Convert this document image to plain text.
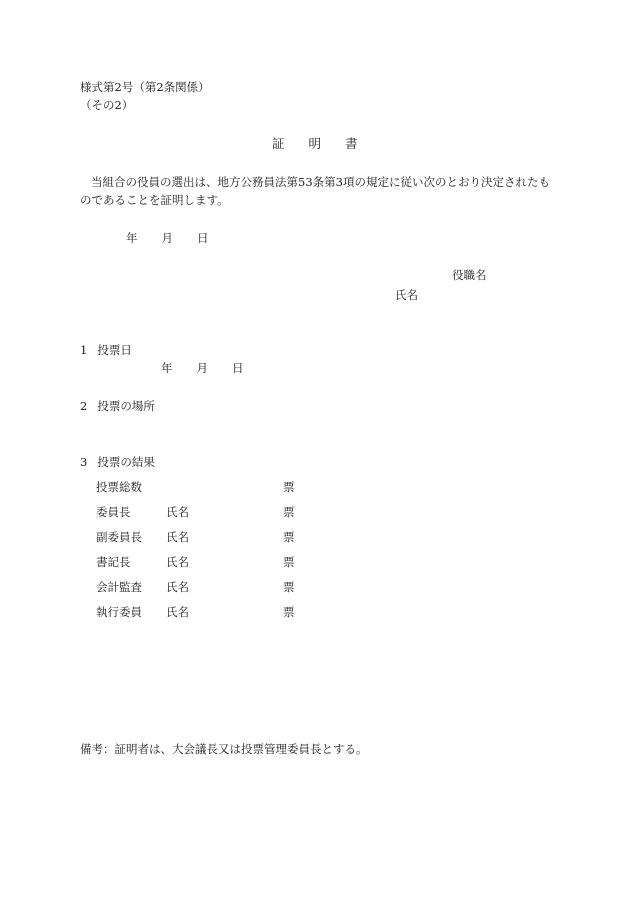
様式第2号（第2条関係）
（その2）
証 明 書
当組合の役員の選出は、地方公務員法第53条第3項の規定に従い次のとおり決定されたも
のであることを証明します。
年 月 日
役職名
氏名
1 投票日
年 月 日
2 投票の場所
3 投票の結果
投票総数	票
委員長	氏名	票
副委員長 氏名	票
書記長	氏名	票
会計監査 氏名	票
執行委員 氏名	票
備考：証明者は、大会議長又は投票管理委員長とする。
